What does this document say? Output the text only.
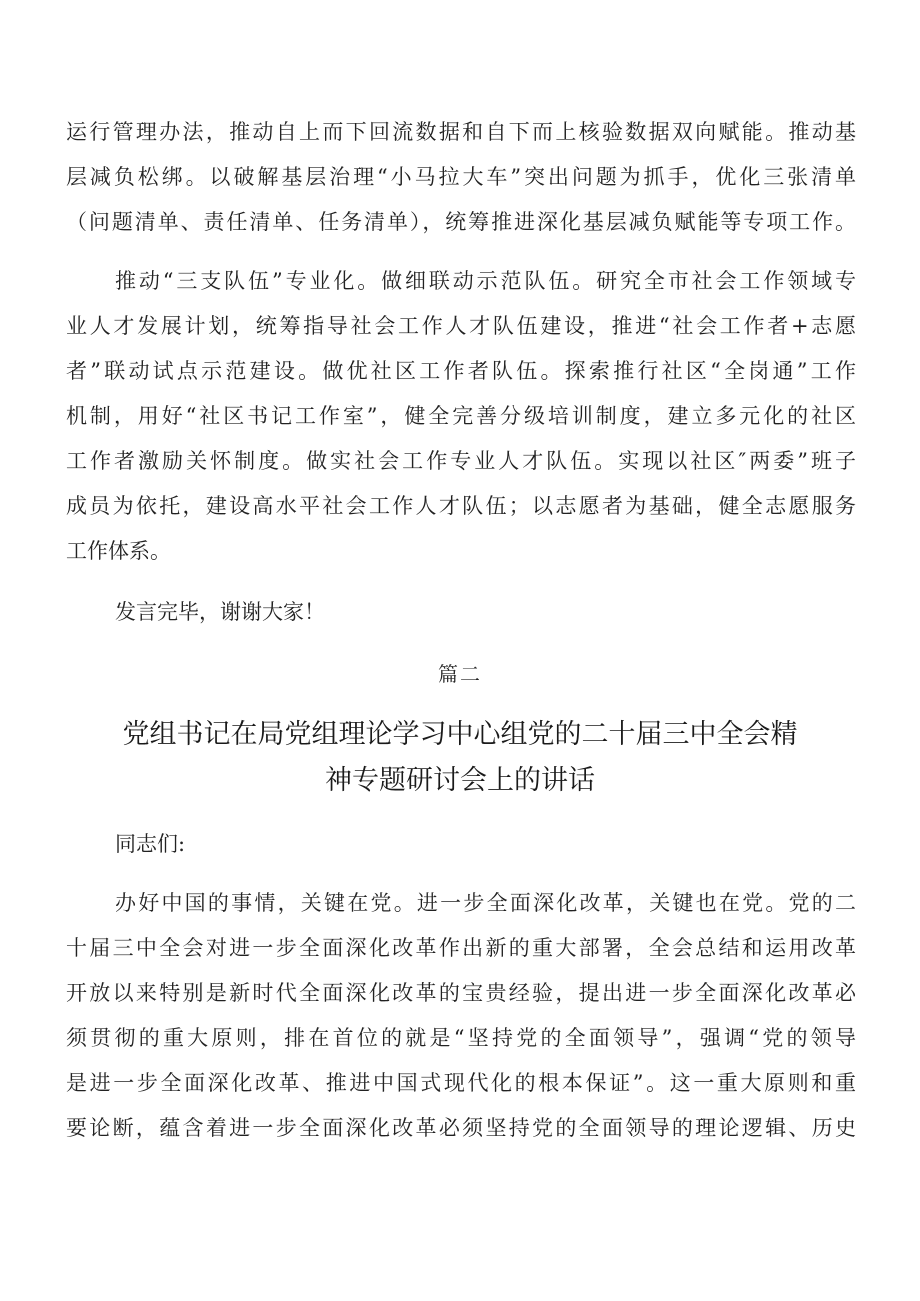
运行管理办法，推动自上而下回流数据和自下而上核验数据双向赋能。推动基
层减负松绑。以破解基层治理“小马拉大车”突出问题为抓手，优化三张清单
（问题清单、责任清单、任务清单），统筹推进深化基层减负赋能等专项工作。
推动“三支队伍”专业化。做细联动示范队伍。研究全市社会工作领域专
业人才发展计划，统筹指导社会工作人才队伍建设，推进“社会工作者+志愿
者”联动试点示范建设。做优社区工作者队伍。探索推行社区“全岗通”工作
机制，用好“社区书记工作室”，健全完善分级培训制度，建立多元化的社区
工作者激励关怀制度。做实社会工作专业人才队伍。实现以社区″两委”班子
成员为依托，建设高水平社会工作人才队伍；以志愿者为基础，健全志愿服务
工作体系。
发言完毕，谢谢大家！
篇二
党组书记在局党组理论学习中心组党的二十届三中全会精
神专题研讨会上的讲话
同志们:
办好中国的事情，关键在党。进一步全面深化改革，关键也在党。党的二
十届三中全会对进一步全面深化改革作出新的重大部署，全会总结和运用改革
开放以来特别是新时代全面深化改革的宝贵经验，提出进一步全面深化改革必
须贯彻的重大原则，排在首位的就是“坚持党的全面领导”，强调“党的领导
是进一步全面深化改革、推进中国式现代化的根本保证”。这一重大原则和重
要论断，蕴含着进一步全面深化改革必须坚持党的全面领导的理论逻辑、历史
